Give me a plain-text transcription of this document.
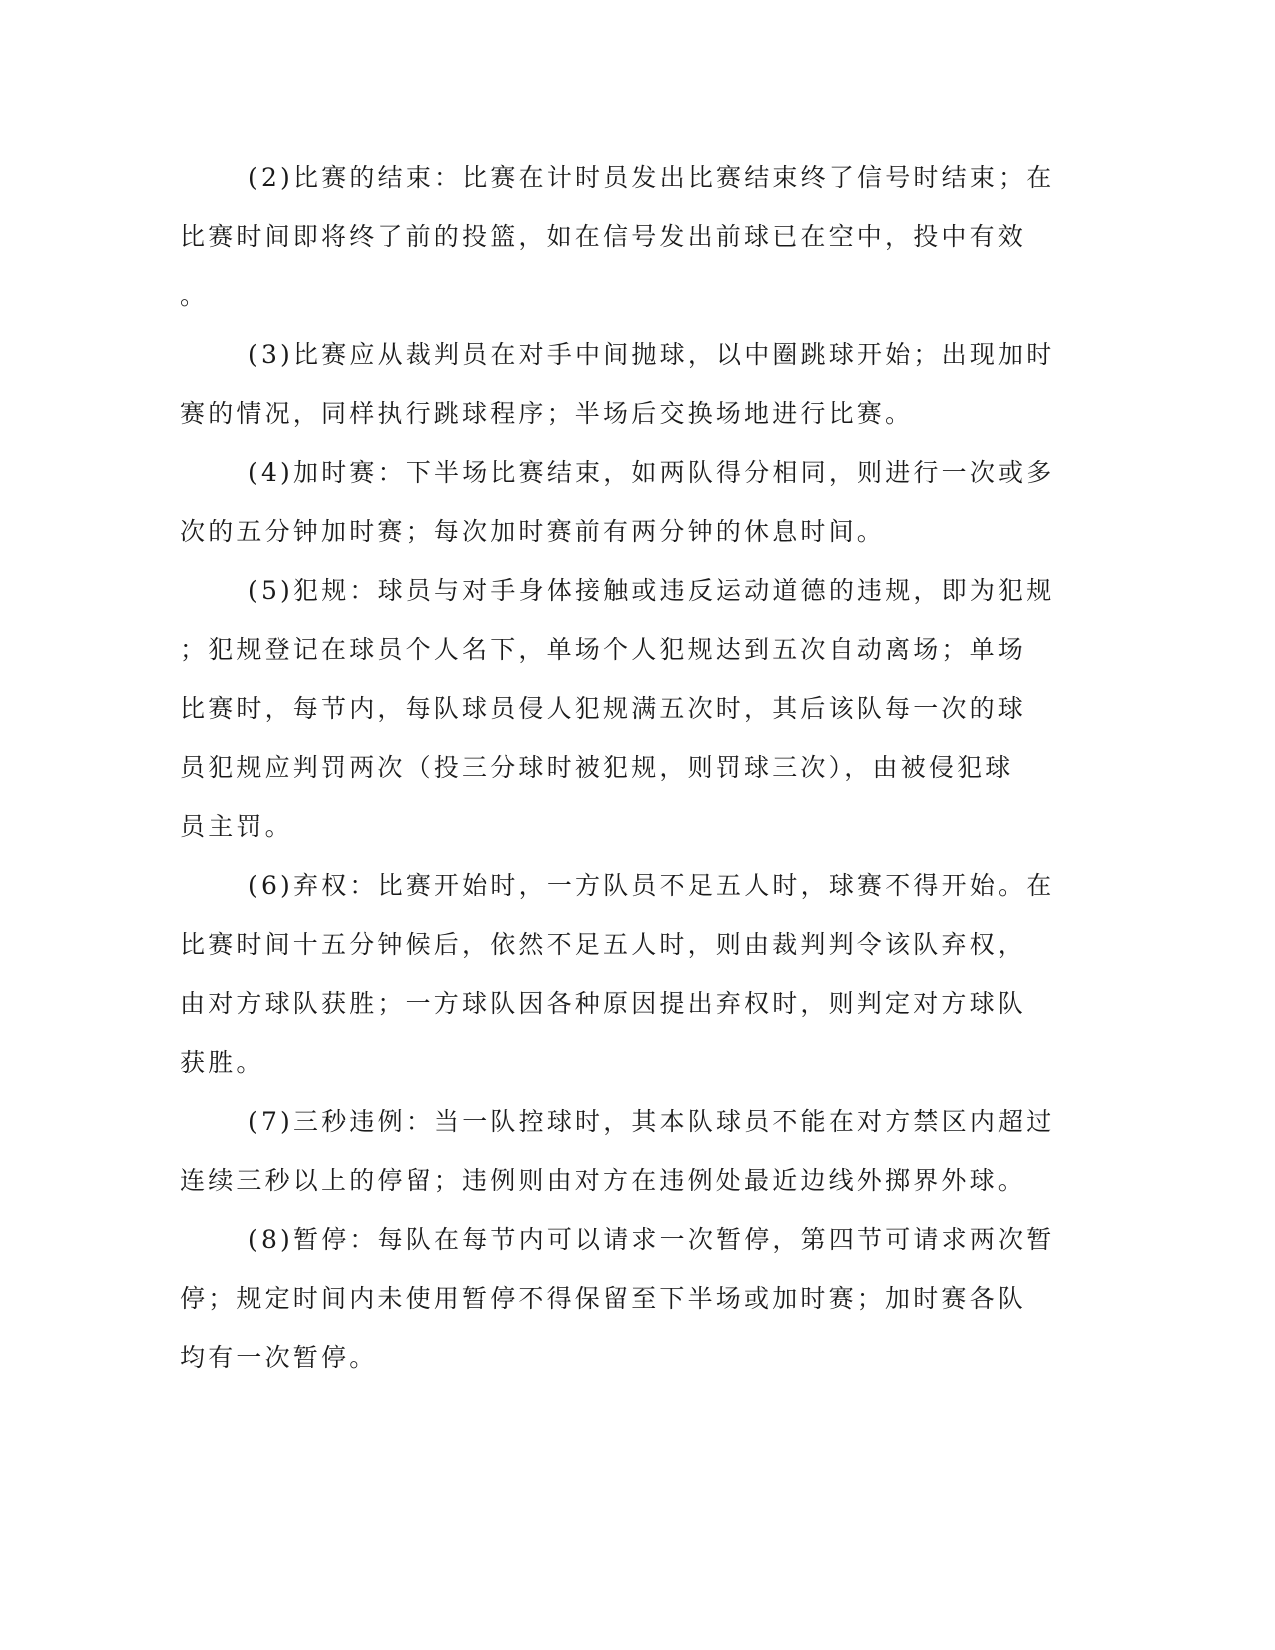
(2)比赛的结束：比赛在计时员发出比赛结束终了信号时结束；在
比赛时间即将终了前的投篮，如在信号发出前球已在空中，投中有效
。
(3)比赛应从裁判员在对手中间抛球，以中圈跳球开始；出现加时
赛的情况，同样执行跳球程序；半场后交换场地进行比赛。
(4)加时赛：下半场比赛结束，如两队得分相同，则进行一次或多
次的五分钟加时赛；每次加时赛前有两分钟的休息时间。
(5)犯规：球员与对手身体接触或违反运动道德的违规，即为犯规
；犯规登记在球员个人名下，单场个人犯规达到五次自动离场；单场
比赛时，每节内，每队球员侵人犯规满五次时，其后该队每一次的球
员犯规应判罚两次（投三分球时被犯规，则罚球三次），由被侵犯球
员主罚。
(6)弃权：比赛开始时，一方队员不足五人时，球赛不得开始。在
比赛时间十五分钟候后，依然不足五人时，则由裁判判令该队弃权，
由对方球队获胜；一方球队因各种原因提出弃权时，则判定对方球队
获胜。
(7)三秒违例：当一队控球时，其本队球员不能在对方禁区内超过
连续三秒以上的停留；违例则由对方在违例处最近边线外掷界外球。
(8)暂停：每队在每节内可以请求一次暂停，第四节可请求两次暂
停；规定时间内未使用暂停不得保留至下半场或加时赛；加时赛各队
均有一次暂停。
